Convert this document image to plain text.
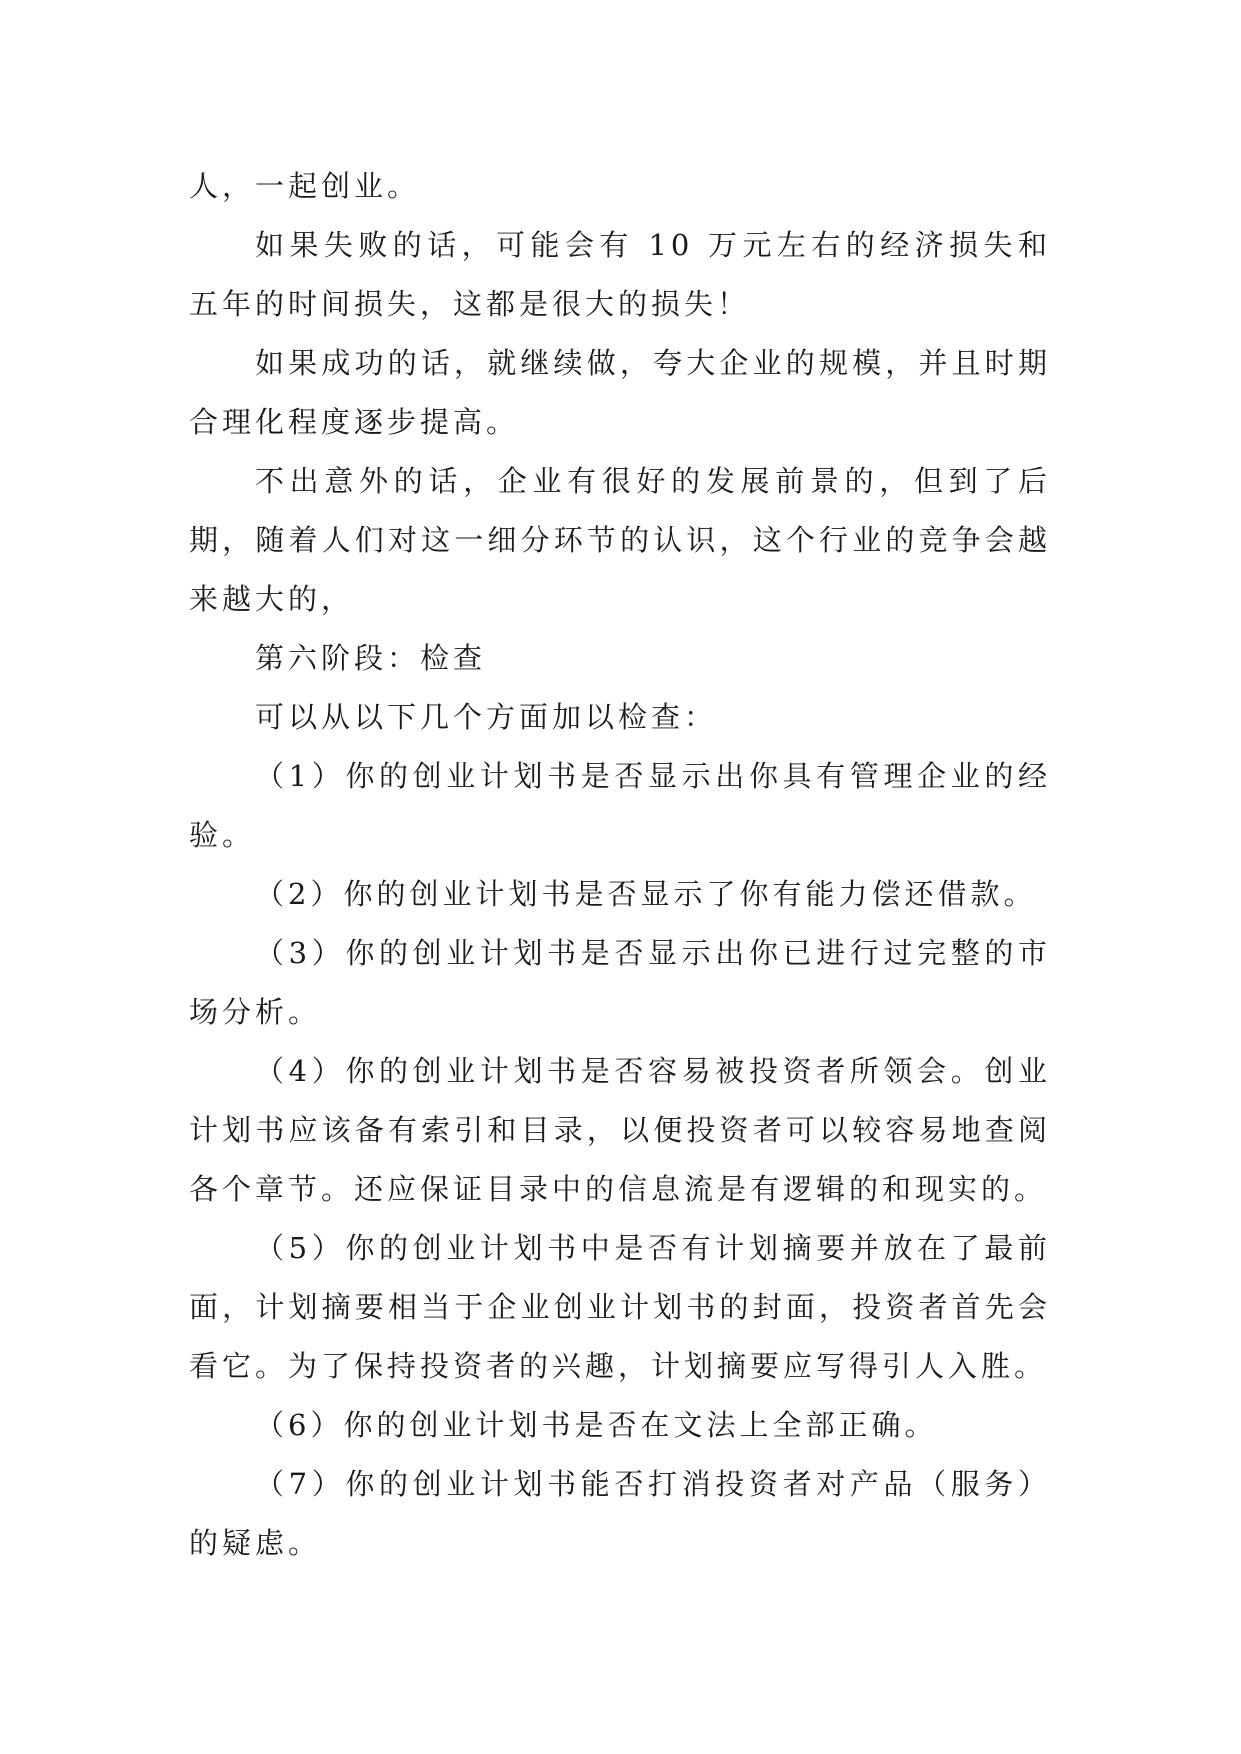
人，一起创业。

如果失败的话，可能会有 10 万元左右的经济损失和五年的时间损失，这都是很大的损失！

如果成功的话，就继续做，夸大企业的规模，并且时期合理化程度逐步提高。

不出意外的话，企业有很好的发展前景的，但到了后期，随着人们对这一细分环节的认识，这个行业的竞争会越来越大的，

第六阶段：检查

可以从以下几个方面加以检查：

（1）你的创业计划书是否显示出你具有管理企业的经验。

（2）你的创业计划书是否显示了你有能力偿还借款。

（3）你的创业计划书是否显示出你已进行过完整的市场分析。

（4）你的创业计划书是否容易被投资者所领会。创业计划书应该备有索引和目录，以便投资者可以较容易地查阅各个章节。还应保证目录中的信息流是有逻辑的和现实的。

（5）你的创业计划书中是否有计划摘要并放在了最前面，计划摘要相当于企业创业计划书的封面，投资者首先会看它。为了保持投资者的兴趣，计划摘要应写得引人入胜。

（6）你的创业计划书是否在文法上全部正确。

（7）你的创业计划书能否打消投资者对产品（服务）的疑虑。
